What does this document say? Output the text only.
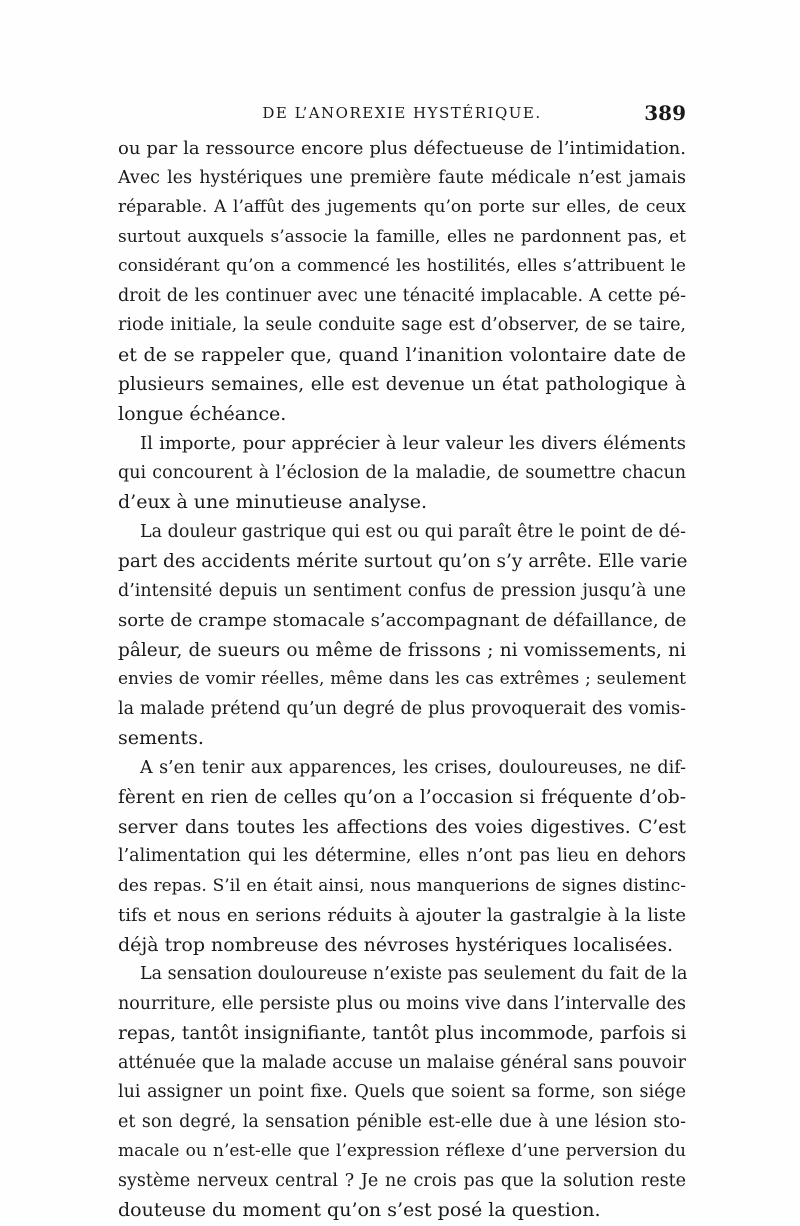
DE L’ANOREXIE HYSTÉRIQUE.	389
ou par la ressource encore plus défectueuse de l’intimidation.
Avec les hystériques une première faute médicale n’est jamais
réparable. A l’affût des jugements qu’on porte sur elles, de ceux
surtout auxquels s’associe la famille, elles ne pardonnent pas, et
considérant qu’on a commencé les hostilités, elles s’attribuent le
droit de les continuer avec une ténacité implacable. A cette pé-
riode initiale, la seule conduite sage est d’observer, de se taire,
et de se rappeler que, quand l’inanition volontaire date de
plusieurs semaines, elle est devenue un état pathologique à
longue échéance.
Il importe, pour apprécier à leur valeur les divers éléments
qui concourent à l’éclosion de la maladie, de soumettre chacun
d’eux à une minutieuse analyse.
La douleur gastrique qui est ou qui paraît être le point de dé-
part des accidents mérite surtout qu’on s’y arrête. Elle varie
d’intensité depuis un sentiment confus de pression jusqu’à une
sorte de crampe stomacale s’accompagnant de défaillance, de
pâleur, de sueurs ou même de frissons ; ni vomissements, ni
envies de vomir réelles, même dans les cas extrêmes ; seulement
la malade prétend qu’un degré de plus provoquerait des vomis-
sements.
A s’en tenir aux apparences, les crises, douloureuses, ne dif-
fèrent en rien de celles qu’on a l’occasion si fréquente d’ob-
server dans toutes les affections des voies digestives. C’est
l’alimentation qui les détermine, elles n’ont pas lieu en dehors
des repas. S’il en était ainsi, nous manquerions de signes distinc-
tifs et nous en serions réduits à ajouter la gastralgie à la liste
déjà trop nombreuse des névroses hystériques localisées.
La sensation douloureuse n’existe pas seulement du fait de la
nourriture, elle persiste plus ou moins vive dans l’intervalle des
repas, tantôt insignifiante, tantôt plus incommode, parfois si
atténuée que la malade accuse un malaise général sans pouvoir
lui assigner un point fixe. Quels que soient sa forme, son siége
et son degré, la sensation pénible est-elle due à une lésion sto-
macale ou n’est-elle que l’expression réflexe d’une perversion du
système nerveux central ? Je ne crois pas que la solution reste
douteuse du moment qu’on s’est posé la question.
